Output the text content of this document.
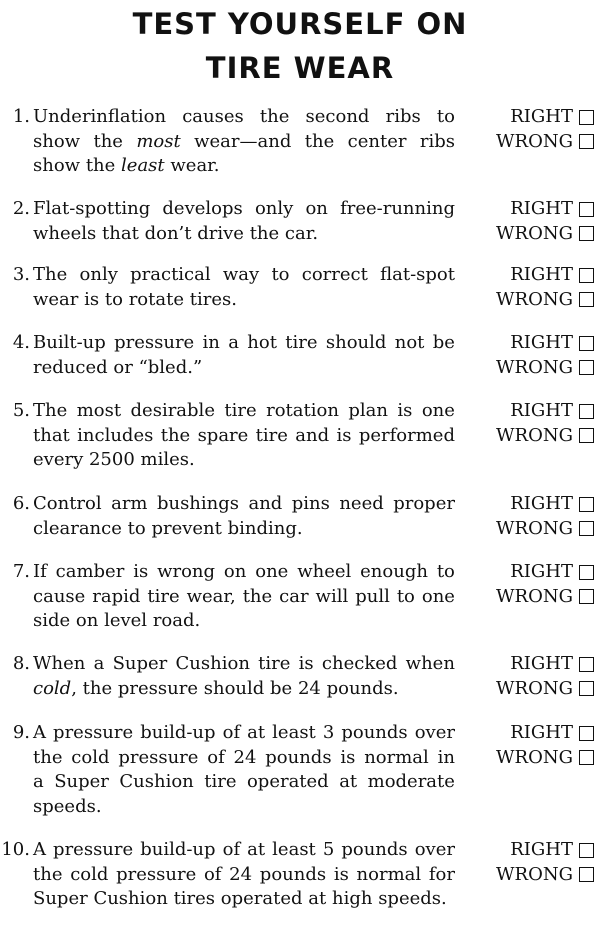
TEST YOURSELF ON
TIRE WEAR
1. Underinflation causes the second ribs to
show the most wear—and the center ribs
show the least wear.
RIGHT
WRONG
2. Flat-spotting develops only on free-running
wheels that don’t drive the car.
RIGHT
WRONG
3. The only practical way to correct flat-spot
wear is to rotate tires.
RIGHT
WRONG
4. Built-up pressure in a hot tire should not be
reduced or “bled.”
RIGHT
WRONG
5. The most desirable tire rotation plan is one
that includes the spare tire and is performed
every 2500 miles.
RIGHT
WRONG
6. Control arm bushings and pins need proper
clearance to prevent binding.
RIGHT
WRONG
7. If camber is wrong on one wheel enough to
cause rapid tire wear, the car will pull to one
side on level road.
RIGHT
WRONG
8. When a Super Cushion tire is checked when
cold, the pressure should be 24 pounds.
RIGHT
WRONG
9. A pressure build-up of at least 3 pounds over
the cold pressure of 24 pounds is normal in
a Super Cushion tire operated at moderate
speeds.
RIGHT
WRONG
10. A pressure build-up of at least 5 pounds over
the cold pressure of 24 pounds is normal for
Super Cushion tires operated at high speeds.
RIGHT
WRONG
